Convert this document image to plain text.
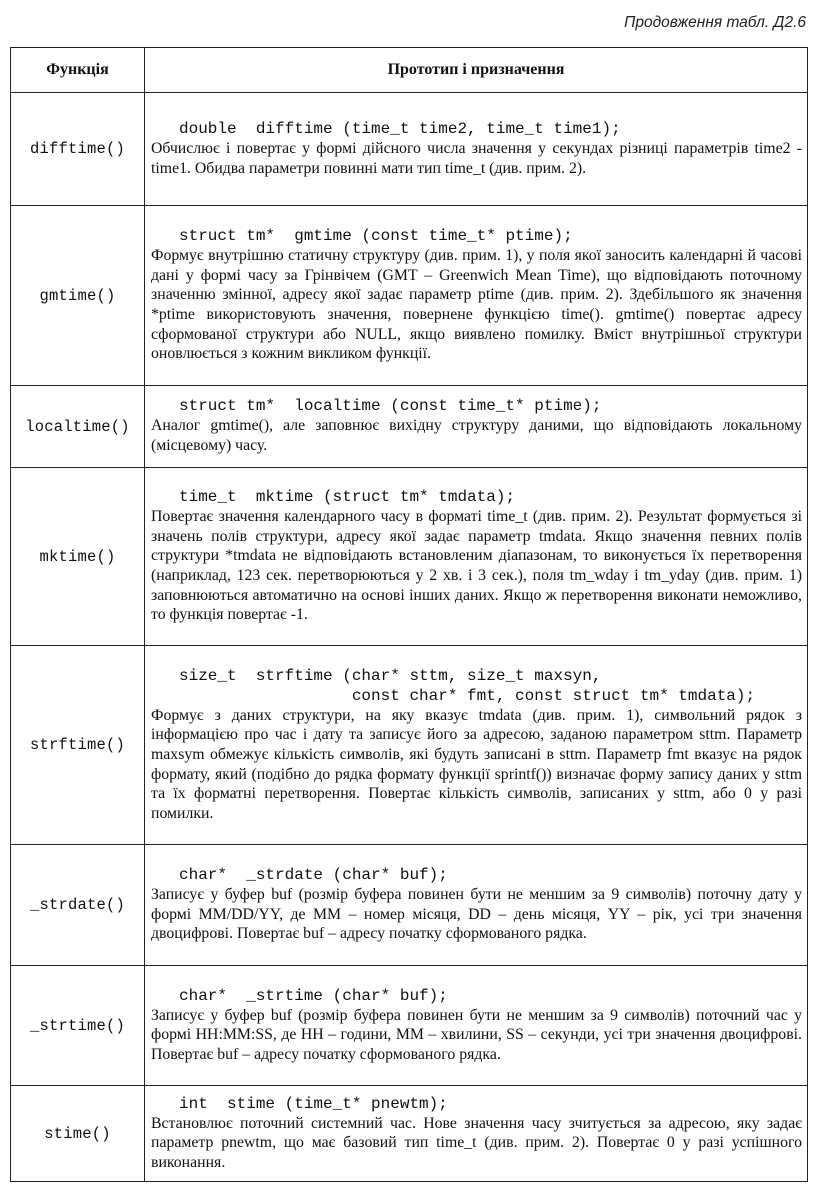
Продовження табл. Д2.6
Функція	Прототип і призначення
difftime()	double  difftime (time_t time2, time_t time1);
Обчислює і повертає у формі дійсного числа значення у секундах різниці параметрів time2 - time1. Обидва параметри повинні мати тип time_t (див. прим. 2).

gmtime()	struct tm*  gmtime (const time_t* ptime);
Формує внутрішню статичну структуру (див. прим. 1), у поля якої заносить календарні й часові дані у формі часу за Грінвічем (GMT – Greenwich Mean Time), що відповідають поточному значенню змінної, адресу якої задає параметр ptime (див. прим. 2). Здебільшого як значення *ptime використовують значення, повернене функцією time(). gmtime() повертає адресу сформованої структури або NULL, якщо виявлено помилку. Вміст внутрішньої структури оновлюється з кожним викликом функції.

localtime()	struct tm*  localtime (const time_t* ptime);
Аналог gmtime(), але заповнює вихідну структуру даними, що відповідають локальному (місцевому) часу.

mktime()	time_t  mktime (struct tm* tmdata);
Повертає значення календарного часу в форматі time_t (див. прим. 2). Результат формується зі значень полів структури, адресу якої задає параметр tmdata. Якщо значення певних полів структури *tmdata не відповідають встановленим діапазонам, то виконується їх перетворення (наприклад, 123 сек. перетворюються у 2 хв. і 3 сек.), поля tm_wday і tm_yday (див. прим. 1) заповнюються автоматично на основі інших даних. Якщо ж перетворення виконати неможливо, то функція повертає -1.

strftime()	size_t  strftime (char* sttm, size_t maxsyn,
const char* fmt, const struct tm* tmdata);
Формує з даних структури, на яку вказує tmdata (див. прим. 1), символьний рядок з інформацією про час і дату та записує його за адресою, заданою параметром sttm. Параметр maxsym обмежує кількість символів, які будуть записані в sttm. Параметр fmt вказує на рядок формату, який (подібно до рядка формату функції sprintf()) визначає форму запису даних у sttm та їх форматні перетворення. Повертає кількість символів, записаних у sttm, або 0 у разі помилки.

_strdate()	char*  _strdate (char* buf);
Записує у буфер buf (розмір буфера повинен бути не меншим за 9 символів) поточну дату у формі MM/DD/YY, де MM – номер місяця, DD – день місяця, YY – рік, усі три значення двоцифрові. Повертає buf – адресу початку сформованого рядка.

_strtime()	char*  _strtime (char* buf);
Записує у буфер buf (розмір буфера повинен бути не меншим за 9 символів) поточний час у формі HH:MM:SS, де HH – години, MM – хвилини, SS – секунди, усі три значення двоцифрові. Повертає buf – адресу початку сформованого рядка.

stime()	int  stime (time_t* pnewtm);
Встановлює поточний системний час. Нове значення часу зчитується за адресою, яку задає параметр pnewtm, що має базовий тип time_t (див. прим. 2). Повертає 0 у разі успішного виконання.
